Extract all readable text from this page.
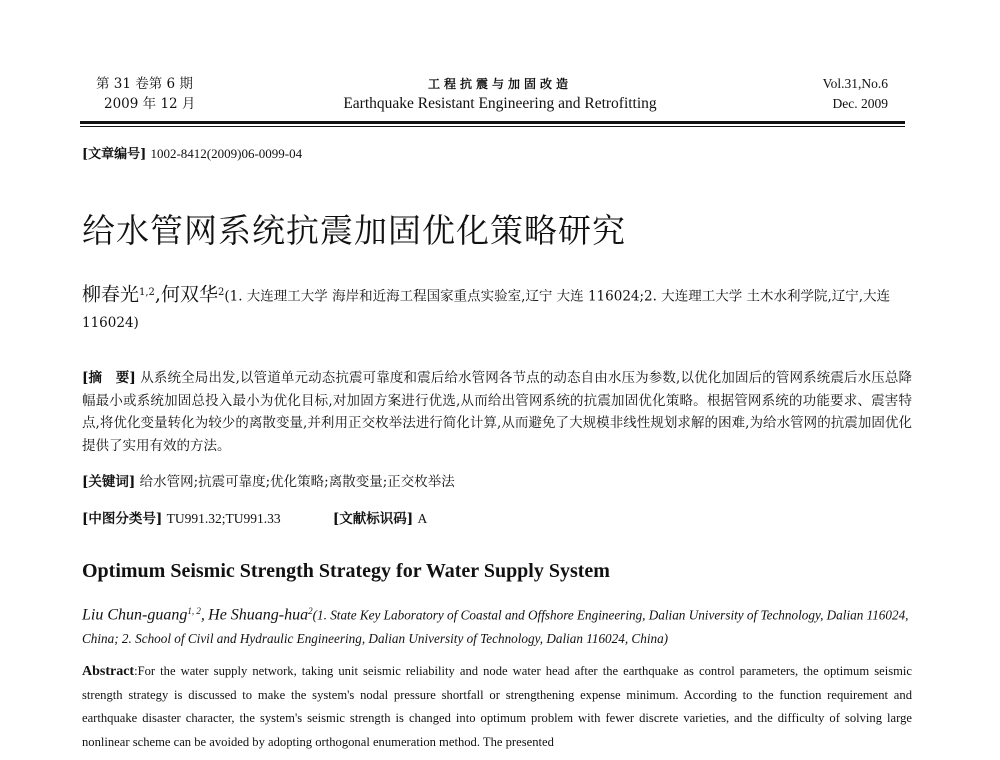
第 31 卷第 6 期
2009 年 12 月
工程抗震与加固改造
Earthquake Resistant Engineering and Retrofitting
Vol.31,No.6
Dec. 2009
[文章编号] 1002-8412(2009)06-0099-04
给水管网系统抗震加固优化策略研究
柳春光$^{1,2}$,何双华$^2$(1. 大连理工大学 海岸和近海工程国家重点实验室,辽宁 大连 116024;2. 大连理工大学 土木水利学院,辽宁,大连 116024)
[摘　要] 从系统全局出发,以管道单元动态抗震可靠度和震后给水管网各节点的动态自由水压为参数,以优化加固后的管网系统震后水压总降幅最小或系统加固总投入最小为优化目标,对加固方案进行优选,从而给出管网系统的抗震加固优化策略。根据管网系统的功能要求、震害特点,将优化变量转化为较少的离散变量,并利用正交枚举法进行简化计算,从而避免了大规模非线性规划求解的困难,为给水管网的抗震加固优化提供了实用有效的方法。
[关键词] 给水管网;抗震可靠度;优化策略;离散变量;正交枚举法
[中图分类号] TU991.32;TU991.33	[文献标识码] A
Optimum Seismic Strength Strategy for Water Supply System
Liu Chun-guang$^{1, 2}$, He Shuang-hua$^2$(1. State Key Laboratory of Coastal and Offshore Engineering, Dalian University of Technology, Dalian 116024, China; 2. School of Civil and Hydraulic Engineering, Dalian University of Technology, Dalian 116024, China)
Abstract:For the water supply network, taking unit seismic reliability and node water head after the earthquake as control parameters, the optimum seismic strength strategy is discussed to make the system's nodal pressure shortfall or strengthening expense minimum. According to the function requirement and earthquake disaster character, the system's seismic strength is changed into optimum problem with fewer discrete varieties, and the difficulty of solving large nonlinear scheme can be avoided by adopting orthogonal enumeration method. The presented
